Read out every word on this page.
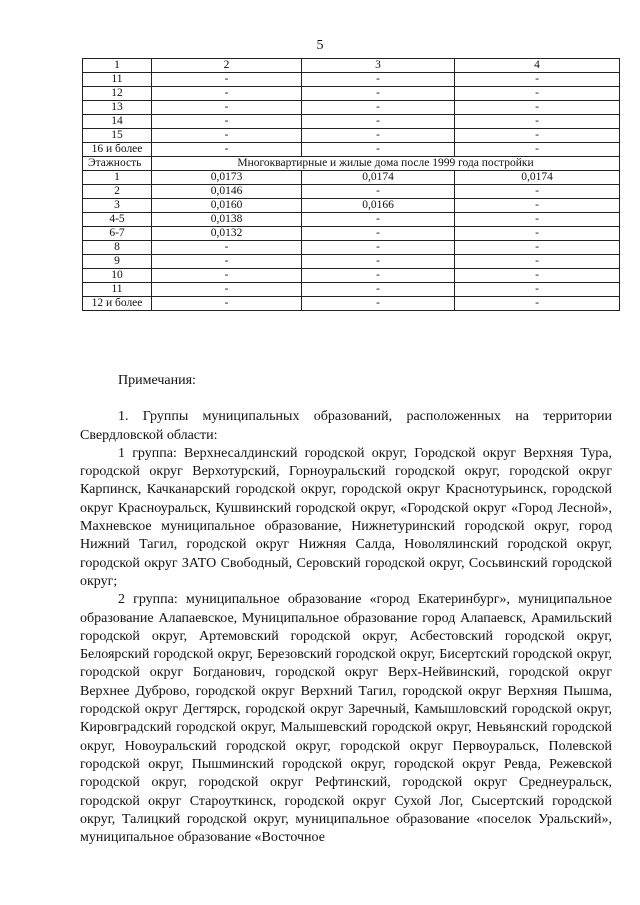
5
1	2	3	4
11	-	-	-
12	-	-	-
13	-	-	-
14	-	-	-
15	-	-	-
16 и более	-	-	-
Этажность	Многоквартирные и жилые дома после 1999 года постройки		
1	0,0173	0,0174	0,0174
2	0,0146	-	-
3	0,0160	0,0166	-
4-5	0,0138	-	-
6-7	0,0132	-	-
8	-	-	-
9	-	-	-
10	-	-	-
11	-	-	-
12 и более	-	-	-

Примечания:

1. Группы муниципальных образований, расположенных на территории Свердловской области:

1 группа: Верхнесалдинский городской округ, Городской округ Верхняя Тура, городской округ Верхотурский, Горноуральский городской округ, городской округ Карпинск, Качканарский городской округ, городской округ Краснотурьинск, городской округ Красноуральск, Кушвинский городской округ, «Городской округ «Город Лесной», Махневское муниципальное образование, Нижнетуринский городской округ, город Нижний Тагил, городской округ Нижняя Салда, Новолялинский городской округ, городской округ ЗАТО Свободный, Серовский городской округ, Сосьвинский городской округ;

2 группа: муниципальное образование «город Екатеринбург», муниципальное образование Алапаевское, Муниципальное образование город Алапаевск, Арамильский городской округ, Артемовский городской округ, Асбестовский городской округ, Белоярский городской округ, Березовский городской округ, Бисертский городской округ, городской округ Богданович, городской округ Верх-Нейвинский, городской округ Верхнее Дуброво, городской округ Верхний Тагил, городской округ Верхняя Пышма, городской округ Дегтярск, городской округ Заречный, Камышловский городской округ, Кировградский городской округ, Малышевский городской округ, Невьянский городской округ, Новоуральский городской округ, городской округ Первоуральск, Полевской городской округ, Пышминский городской округ, городской округ Ревда, Режевской городской округ, городской округ Рефтинский, городской округ Среднеуральск, городской округ Староуткинск, городской округ Сухой Лог, Сысертский городской округ, Талицкий городской округ, муниципальное образование «поселок Уральский», муниципальное образование «Восточное
